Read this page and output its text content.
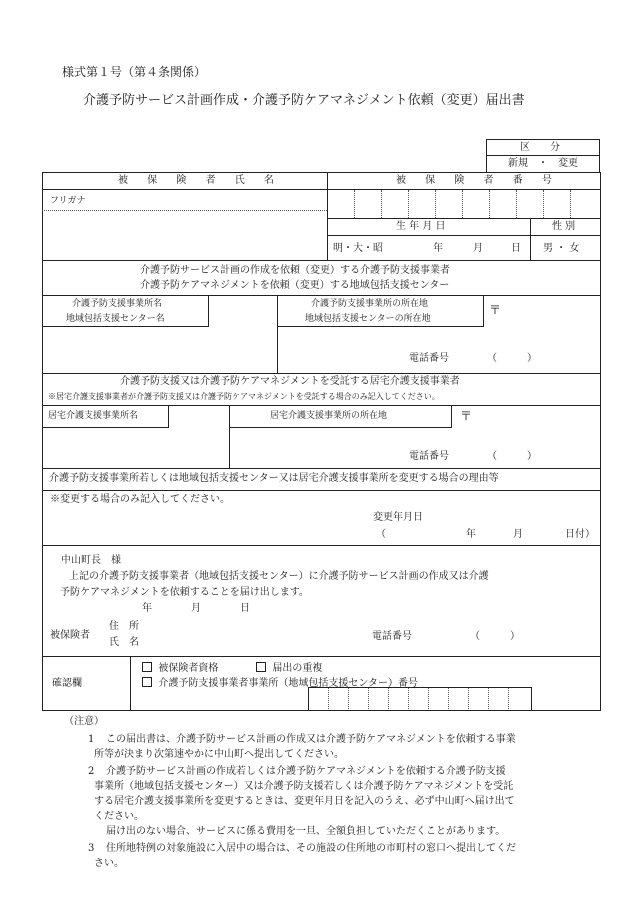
様式第１号（第４条関係）
介護予防サービス計画作成・介護予防ケアマネジメント依頼（変更）届出書
区　　分
新規　・　変更
被 保 険 者 氏 名	被 保 険 者 番 号
フリガナ
生 年 月 日	性 別
明・大・昭	年	月	日 男 ・ 女
介護予防サービス計画の作成を依頼（変更）する介護予防支援事業者
介護予防ケアマネジメントを依頼（変更）する地域包括支援センター
介護予防支援事業所名
地域包括支援センター名
介護予防支援事業所の所在地
地域包括支援センターの所在地
〒
電話番号	（　　　）
介護予防支援又は介護予防ケアマネジメントを受託する居宅介護支援事業者
※居宅介護支援事業者が介護予防支援又は介護予防ケアマネジメントを受託する場合のみ記入してください。
居宅介護支援事業所名	居宅介護支援事業所の所在地	〒
電話番号	（　　　）
介護予防支援事業所若しくは地域包括支援センター又は居宅介護支援事業所を変更する場合の理由等
※変更する場合のみ記入してください。
変更年月日
（	年	月	日付）
中山町長　様
上記の介護予防支援事業者（地域包括支援センター）に介護予防サービス計画の作成又は介護
予防ケアマネジメントを依頼することを届け出します。
年	月	日
被保険者
住　所
氏　名
電話番号	（　　　）
確認欄
被保険者資格	届出の重複
介護予防支援事業者事業所（地域包括支援センター）番号
（注意）
1 この届出書は、介護予防サービス計画の作成又は介護予防ケアマネジメントを依頼する事業
所等が決まり次第速やかに中山町へ提出してください。
2 介護予防サービス計画の作成若しくは介護予防ケアマネジメントを依頼する介護予防支援
事業所（地域包括支援センター）又は介護予防支援若しくは介護予防ケアマネジメントを受託
する居宅介護支援事業所を変更するときは、変更年月日を記入のうえ、必ず中山町へ届け出て
ください。
届け出のない場合、サービスに係る費用を一旦、全額負担していただくことがあります。
3 住所地特例の対象施設に入居中の場合は、その施設の住所地の市町村の窓口へ提出してくだ
さい。
